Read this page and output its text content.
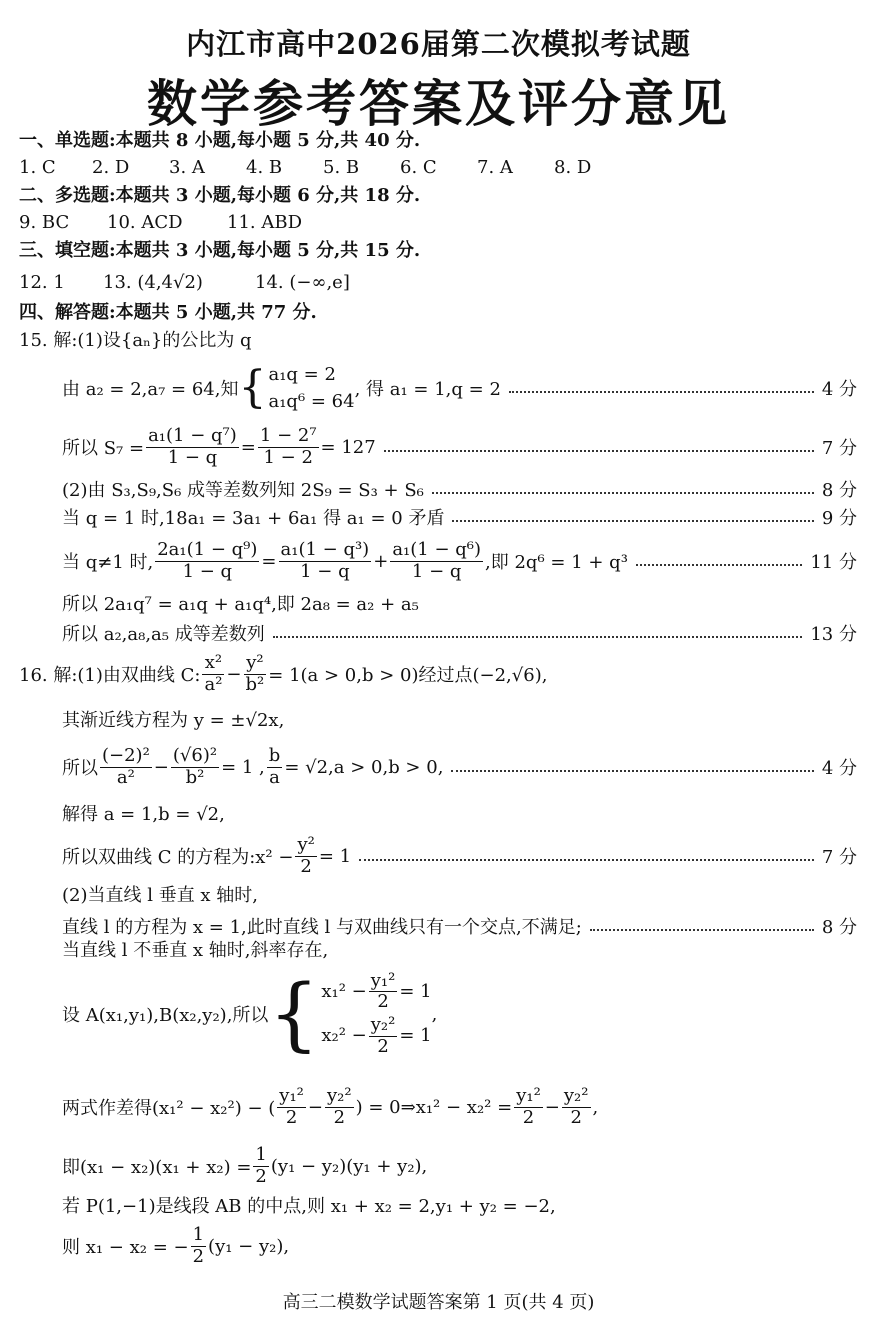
内江市高中2026届第二次模拟考试题
数学参考答案及评分意见
一、单选题:本题共 8 小题,每小题 5 分,共 40 分.
1. C 2. D 3. A 4. B 5. B 6. C 7. A 8. D
二、多选题:本题共 3 小题,每小题 6 分,共 18 分.
9. BC 10. ACD 11. ABD
三、填空题:本题共 3 小题,每小题 5 分,共 15 分.
12. 1 13. (4,4√2)	14. (−∞,e]
四、解答题:本题共 5 小题,共 77 分.
15. 解:(1)设{aₙ}的公比为 q
由 a₂ = 2,a₇ = 64,知 { a₁q = 2
a₁q⁶ = 64
, 得 a₁ = 1,q = 2	4 分
所以 $S_7 = \frac{\text{a₁(1 − q⁷)}}{1 - q} = \frac{\text{1 − 2⁷}}{1 - 2} = 127$	7 分
(2)由 S₃,S₉,S₆ 成等差数列知 2S₉ = S₃ + S₆	8 分
当 q = 1 时,18a₁ = 3a₁ + 6a₁ 得 a₁ = 0 矛盾	9 分
当 q≠1 时, $\frac{\text{2a₁(1 − q⁹)}}{1 - q} = \frac{\text{a₁(1 − q³)}}{1 - q} + \frac{\text{a₁(1 − q⁶)}}{1 - q}$ ,即 2q⁶ = 1 + q³	11 分
所以 2a₁q⁷ = a₁q + a₁q⁴,即 2a₈ = a₂ + a₅
所以 a₂,a₈,a₅ 成等差数列	13 分
16. 解:(1)由双曲线 C: $\frac{\text{x²}}{\text{a²}} - \frac{\text{y²}}{\text{b²}} = 1(a > 0,b > 0)$经过点(−2,√6),
其渐近线方程为 y = ±√2x,
所以 $\frac{\text{(−2)²}}{\text{a²}} - \frac{\text{(√6)²}}{\text{b²}} = 1$ , $\frac{b}{a} = √2,a > 0,b > 0$,	4 分
解得 a = 1,b = √2,
所以双曲线 C 的方程为:x² − $\frac{\text{y²}}{2} = 1$	7 分
(2)当直线 l 垂直 x 轴时,
直线 l 的方程为 x = 1,此时直线 l 与双曲线只有一个交点,不满足;	8 分
当直线 l 不垂直 x 轴时,斜率存在,
设 A(x₁,y₁),B(x₂,y₂),所以 { $x_1^2 - \frac{\text{y₁²}}{2} = 1$
$x_2^2 - \frac{\text{y₂²}}{2} = 1$
,
两式作差得(x₁² − x₂²) − ( $\frac{\text{y₁²}}{2} - \frac{\text{y₂²}}{2}$ ) = 0⇒x₁² − $x_2^2 = \frac{\text{y₁²}}{2} - \frac{\text{y₂²}}{2}$ ,
即$(x_1 - x_2)(x_1 + x_2) = \frac{1}{2} (y_1 - y_2)(y_1 + y_2)$,
若 P(1,−1)是线段 AB 的中点,则 x₁ + x₂ = 2,y₁ + y₂ = −2,
则 x₁ − x₂ = − $\frac{1}{2} (y_1 - y_2)$,
高三二模数学试题答案第 1 页(共 4 页)
